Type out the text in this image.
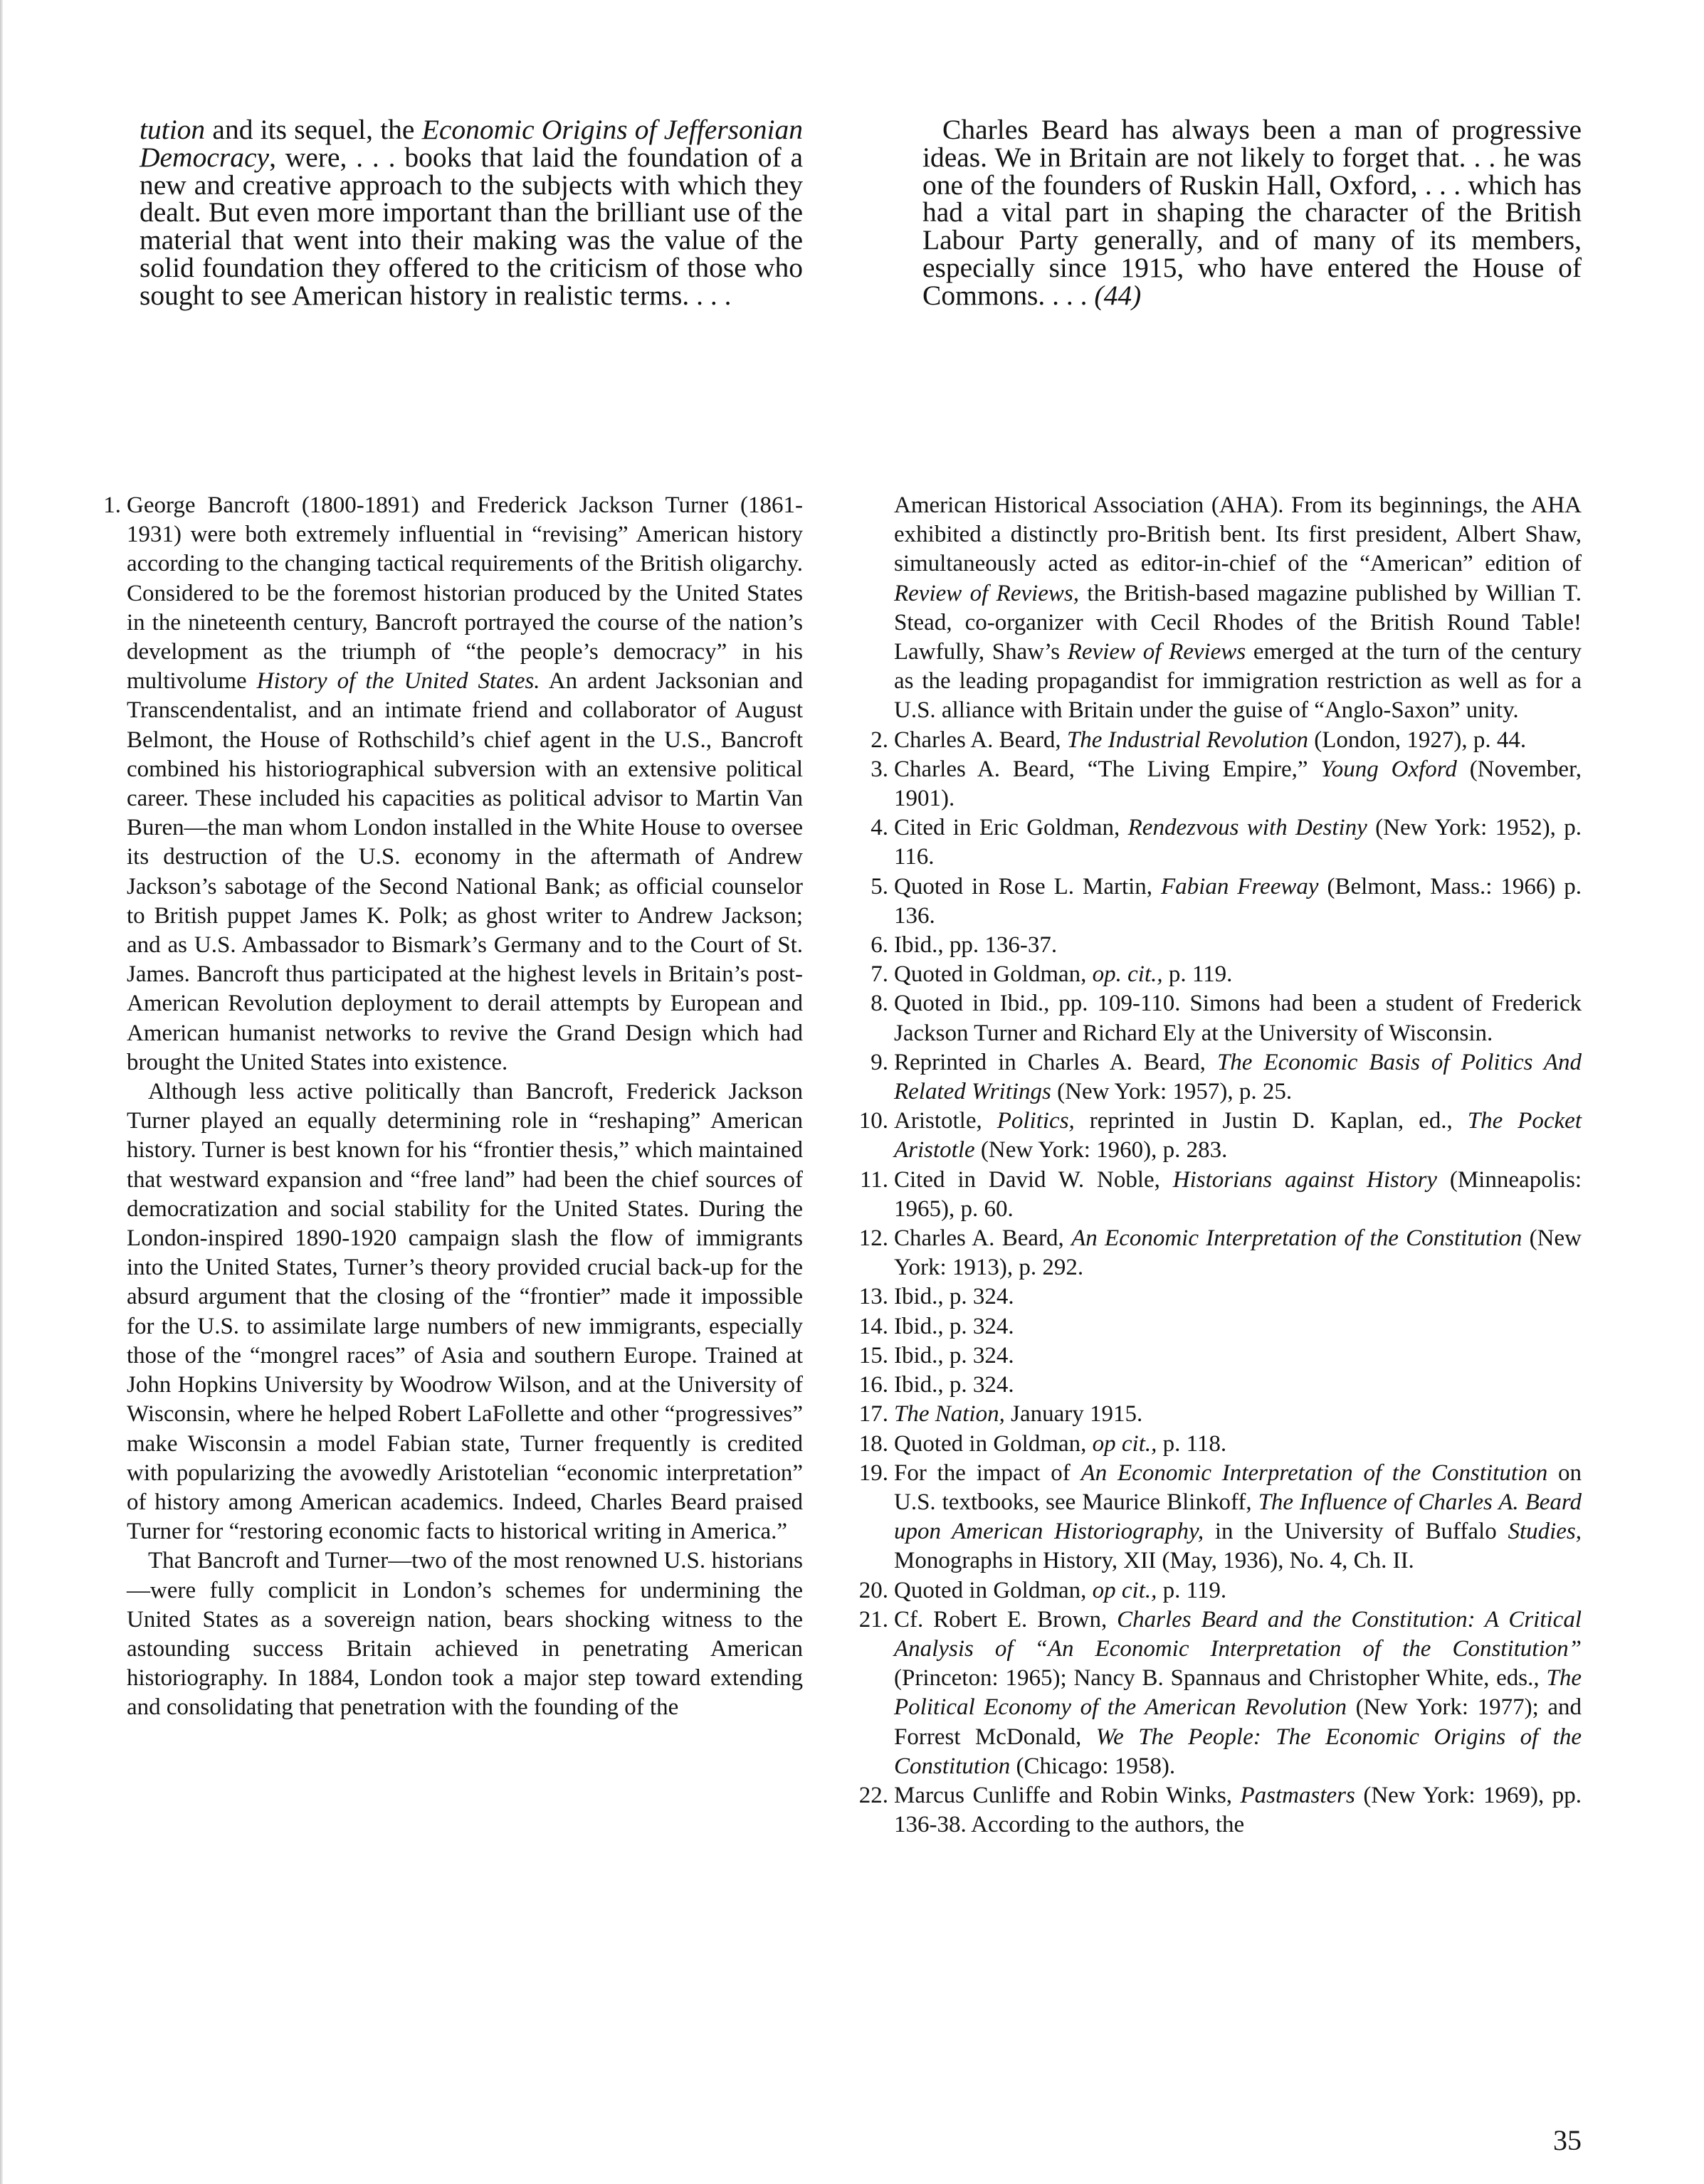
tution and its sequel, the Economic Origins of Jeffersonian Democracy, were, . . . books that laid the foundation of a new and creative approach to the subjects with which they dealt. But even more important than the brilliant use of the material that went into their making was the value of the solid foundation they offered to the criticism of those who sought to see American history in realistic terms. . . .

Charles Beard has always been a man of progressive ideas. We in Britain are not likely to forget that. . . he was one of the founders of Ruskin Hall, Oxford, . . . which has had a vital part in shaping the character of the British Labour Party generally, and of many of its members, especially since 1915, who have entered the House of Commons. . . . (44)

1. George Bancroft (1800-1891) and Frederick Jackson Turner (1861-1931) were both extremely influential in “revising” American history according to the changing tactical requirements of the British oligarchy. Considered to be the foremost historian produced by the United States in the nineteenth century, Bancroft portrayed the course of the nation’s development as the triumph of “the people’s democracy” in his multivolume History of the United States. An ardent Jacksonian and Transcendentalist, and an intimate friend and collaborator of August Belmont, the House of Rothschild’s chief agent in the U.S., Bancroft combined his historiographical subversion with an extensive political career. These included his capacities as political advisor to Martin Van Buren—the man whom London installed in the White House to oversee its destruction of the U.S. economy in the aftermath of Andrew Jackson’s sabotage of the Second National Bank; as official counselor to British puppet James K. Polk; as ghost writer to Andrew Jackson; and as U.S. Ambassador to Bismark’s Germany and to the Court of St. James. Bancroft thus participated at the highest levels in Britain’s post-American Revolution deployment to derail attempts by European and American humanist networks to revive the Grand Design which had brought the United States into existence.

Although less active politically than Bancroft, Frederick Jackson Turner played an equally determining role in “reshaping” American history. Turner is best known for his “frontier thesis,” which maintained that westward expansion and “free land” had been the chief sources of democratization and social stability for the United States. During the London-inspired 1890-1920 campaign slash the flow of immigrants into the United States, Turner’s theory provided crucial back-up for the absurd argument that the closing of the “frontier” made it impossible for the U.S. to assimilate large numbers of new immigrants, especially those of the “mongrel races” of Asia and southern Europe. Trained at John Hopkins University by Woodrow Wilson, and at the University of Wisconsin, where he helped Robert LaFollette and other “progressives” make Wisconsin a model Fabian state, Turner frequently is credited with popularizing the avowedly Aristotelian “economic interpretation” of history among American academics. Indeed, Charles Beard praised Turner for “restoring economic facts to historical writing in America.”

That Bancroft and Turner—two of the most renowned U.S. historians—were fully complicit in London’s schemes for undermining the United States as a sovereign nation, bears shocking witness to the astounding success Britain achieved in penetrating American historiography. In 1884, London took a major step toward extending and consolidating that penetration with the founding of the

American Historical Association (AHA). From its beginnings, the AHA exhibited a distinctly pro-British bent. Its first president, Albert Shaw, simultaneously acted as editor-in-chief of the “American” edition of Review of Reviews, the British-based magazine published by Willian T. Stead, co-organizer with Cecil Rhodes of the British Round Table! Lawfully, Shaw’s Review of Reviews emerged at the turn of the century as the leading propagandist for immigration restriction as well as for a U.S. alliance with Britain under the guise of “Anglo-Saxon” unity.

2. Charles A. Beard, The Industrial Revolution (London, 1927), p. 44.

3. Charles A. Beard, “The Living Empire,” Young Oxford (November, 1901).

4. Cited in Eric Goldman, Rendezvous with Destiny (New York: 1952), p. 116.

5. Quoted in Rose L. Martin, Fabian Freeway (Belmont, Mass.: 1966) p. 136.

6. Ibid., pp. 136-37.

7. Quoted in Goldman, op. cit., p. 119.

8. Quoted in Ibid., pp. 109-110. Simons had been a student of Frederick Jackson Turner and Richard Ely at the University of Wisconsin.

9. Reprinted in Charles A. Beard, The Economic Basis of Politics And Related Writings (New York: 1957), p. 25.

10. Aristotle, Politics, reprinted in Justin D. Kaplan, ed., The Pocket Aristotle (New York: 1960), p. 283.

11. Cited in David W. Noble, Historians against History (Minneapolis: 1965), p. 60.

12. Charles A. Beard, An Economic Interpretation of the Constitution (New York: 1913), p. 292.

13. Ibid., p. 324.

14. Ibid., p. 324.

15. Ibid., p. 324.

16. Ibid., p. 324.

17. The Nation, January 1915.

18. Quoted in Goldman, op cit., p. 118.

19. For the impact of An Economic Interpretation of the Constitution on U.S. textbooks, see Maurice Blinkoff, The Influence of Charles A. Beard upon American Historiography, in the University of Buffalo Studies, Monographs in History, XII (May, 1936), No. 4, Ch. II.

20. Quoted in Goldman, op cit., p. 119.

21. Cf. Robert E. Brown, Charles Beard and the Constitution: A Critical Analysis of “An Economic Interpretation of the Constitution” (Princeton: 1965); Nancy B. Spannaus and Christopher White, eds., The Political Economy of the American Revolution (New York: 1977); and Forrest McDonald, We The People: The Economic Origins of the Constitution (Chicago: 1958).

22. Marcus Cunliffe and Robin Winks, Pastmasters (New York: 1969), pp. 136-38. According to the authors, the

35
